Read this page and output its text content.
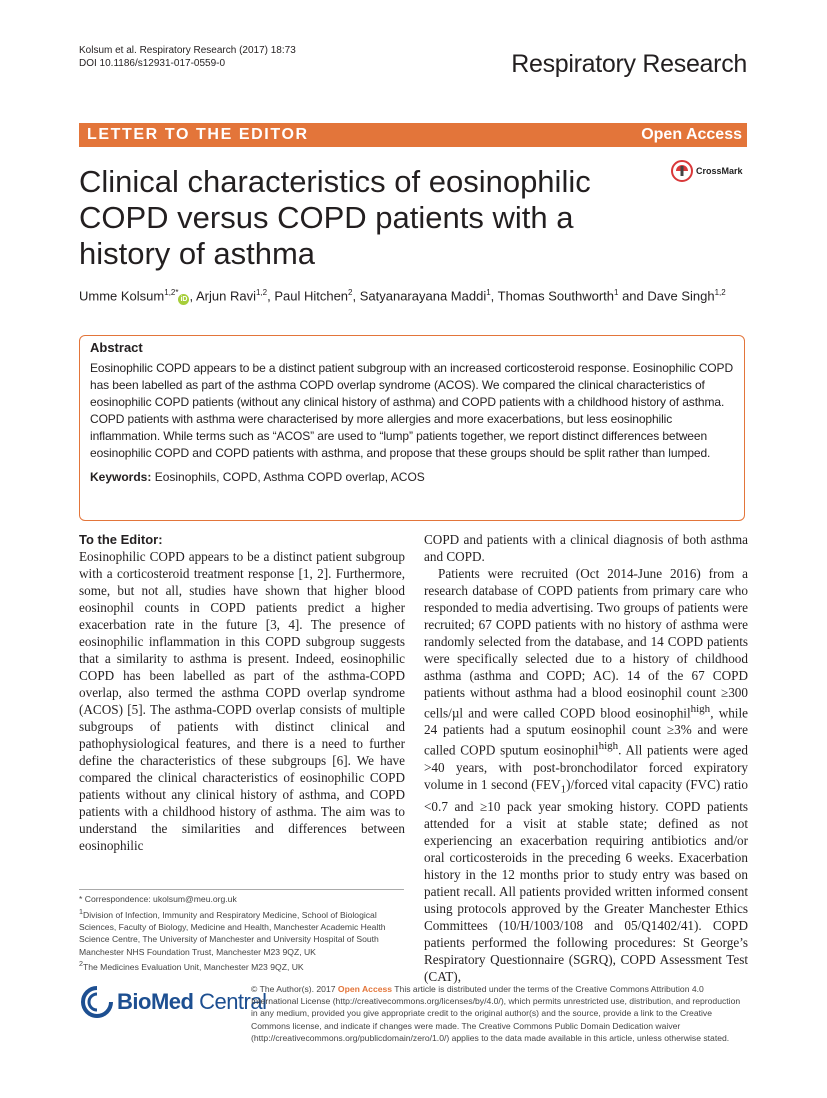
Kolsum et al. Respiratory Research (2017) 18:73
DOI 10.1186/s12931-017-0559-0	Respiratory Research
LETTER TO THE EDITOR	Open Access
Clinical characteristics of eosinophilic COPD versus COPD patients with a history of asthma
CrossMark
Umme Kolsum$^{1,2*}$iD , Arjun Ravi$^{1,2}$, Paul Hitchen$^2$, Satyanarayana Maddi$^1$, Thomas Southworth$^1$ and Dave Singh$^{1,2}$
Abstract

Eosinophilic COPD appears to be a distinct patient subgroup with an increased corticosteroid response. Eosinophilic COPD has been labelled as part of the asthma COPD overlap syndrome (ACOS). We compared the clinical characteristics of eosinophilic COPD patients (without any clinical history of asthma) and COPD patients with a childhood history of asthma. COPD patients with asthma were characterised by more allergies and more exacerbations, but less eosinophilic inflammation. While terms such as “ACOS” are used to “lump” patients together, we report distinct differences between eosinophilic COPD and COPD patients with asthma, and propose that these groups should be split rather than lumped.

Keywords: Eosinophils, COPD, Asthma COPD overlap, ACOS
To the Editor:

Eosinophilic COPD appears to be a distinct patient subgroup with a corticosteroid treatment response [1, 2]. Furthermore, some, but not all, studies have shown that higher blood eosinophil counts in COPD patients predict a higher exacerbation rate in the future [3, 4]. The presence of eosinophilic inflammation in this COPD subgroup suggests that a similarity to asthma is present. Indeed, eosinophilic COPD has been labelled as part of the asthma-COPD overlap, also termed the asthma COPD overlap syndrome (ACOS) [5]. The asthma-COPD overlap consists of multiple subgroups of patients with distinct clinical and pathophysiological features, and there is a need to further define the characteristics of these subgroups [6]. We have compared the clinical characteristics of eosinophilic COPD patients without any clinical history of asthma, and COPD patients with a childhood history of asthma. The aim was to understand the similarities and differences between eosinophilic

COPD and patients with a clinical diagnosis of both asthma and COPD.

Patients were recruited (Oct 2014-June 2016) from a research database of COPD patients from primary care who responded to media advertising. Two groups of patients were recruited; 67 COPD patients with no history of asthma were randomly selected from the database, and 14 COPD patients were specifically selected due to a history of childhood asthma (asthma and COPD; AC). 14 of the 67 COPD patients without asthma had a blood eosinophil count ≥300 cells/µl and were called COPD blood eosinophil$^{high}$, while 24 patients had a sputum eosinophil count ≥3% and were called COPD sputum eosinophil$^{high}$. All patients were aged >40 years, with post-bronchodilator forced expiratory volume in 1 second $(FEV_1)$/forced vital capacity (FVC) ratio <0.7 and ≥10 pack year smoking history. COPD patients attended for a visit at stable state; defined as not experiencing an exacerbation requiring antibiotics and/or oral corticosteroids in the preceding 6 weeks. Exacerbation history in the 12 months prior to study entry was based on patient recall. All patients provided written informed consent using protocols approved by the Greater Manchester Ethics Committees (10/H/1003/108 and 05/Q1402/41). COPD patients performed the following procedures: St George’s Respiratory Questionnaire (SGRQ), COPD Assessment Test (CAT),

* Correspondence: ukolsum@meu.org.uk
$^1$Division of Infection, Immunity and Respiratory Medicine, School of Biological Sciences, Faculty of Biology, Medicine and Health, Manchester Academic Health Science Centre, The University of Manchester and University Hospital of South Manchester NHS Foundation Trust, Manchester M23 9QZ, UK
$^2$The Medicines Evaluation Unit, Manchester M23 9QZ, UK
BioMed Central

© The Author(s). 2017 Open Access This article is distributed under the terms of the Creative Commons Attribution 4.0 International License (http://creativecommons.org/licenses/by/4.0/), which permits unrestricted use, distribution, and reproduction in any medium, provided you give appropriate credit to the original author(s) and the source, provide a link to the Creative Commons license, and indicate if changes were made. The Creative Commons Public Domain Dedication waiver (http://creativecommons.org/publicdomain/zero/1.0/) applies to the data made available in this article, unless otherwise stated.
